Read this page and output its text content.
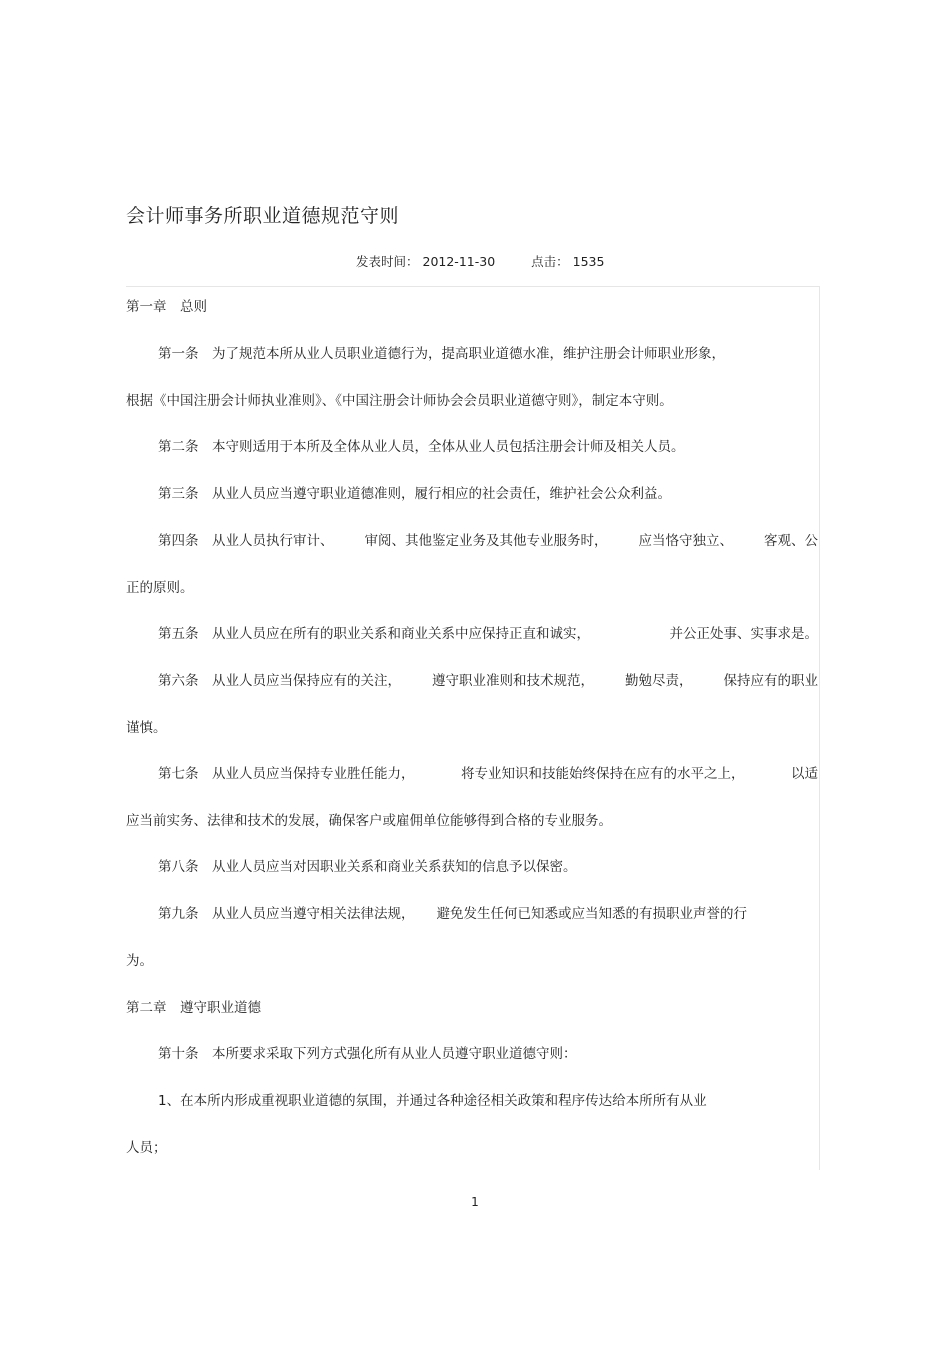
会计师事务所职业道德规范守则
发表时间： 2012-11-30	点击： 1535
第一章　总则
第一条　为了规范本所从业人员职业道德行为，提高职业道德水准，维护注册会计师职业形象，
根据《中国注册会计师执业准则》、《中国注册会计师协会会员职业道德守则》，制定本守则。
第二条　本守则适用于本所及全体从业人员，全体从业人员包括注册会计师及相关人员。
第三条　从业人员应当遵守职业道德准则，履行相应的社会责任，维护社会公众利益。
第四条　从业人员执行审计、 审阅、其他鉴定业务及其他专业服务时， 应当恪守独立、 客观、公
正的原则。
第五条　从业人员应在所有的职业关系和商业关系中应保持正直和诚实，	并公正处事、实事求是。
第六条　从业人员应当保持应有的关注， 遵守职业准则和技术规范， 勤勉尽责， 保持应有的职业
谨慎。
第七条　从业人员应当保持专业胜任能力，	将专业知识和技能始终保持在应有的水平之上，	以适
应当前实务、法律和技术的发展，确保客户或雇佣单位能够得到合格的专业服务。
第八条　从业人员应当对因职业关系和商业关系获知的信息予以保密。
第九条　从业人员应当遵守相关法律法规， 避免发生任何已知悉或应当知悉的有损职业声誉的行
为。
第二章　遵守职业道德
第十条　本所要求采取下列方式强化所有从业人员遵守职业道德守则：
1、在本所内形成重视职业道德的氛围，并通过各种途径相关政策和程序传达给本所所有从业
人员；
1
